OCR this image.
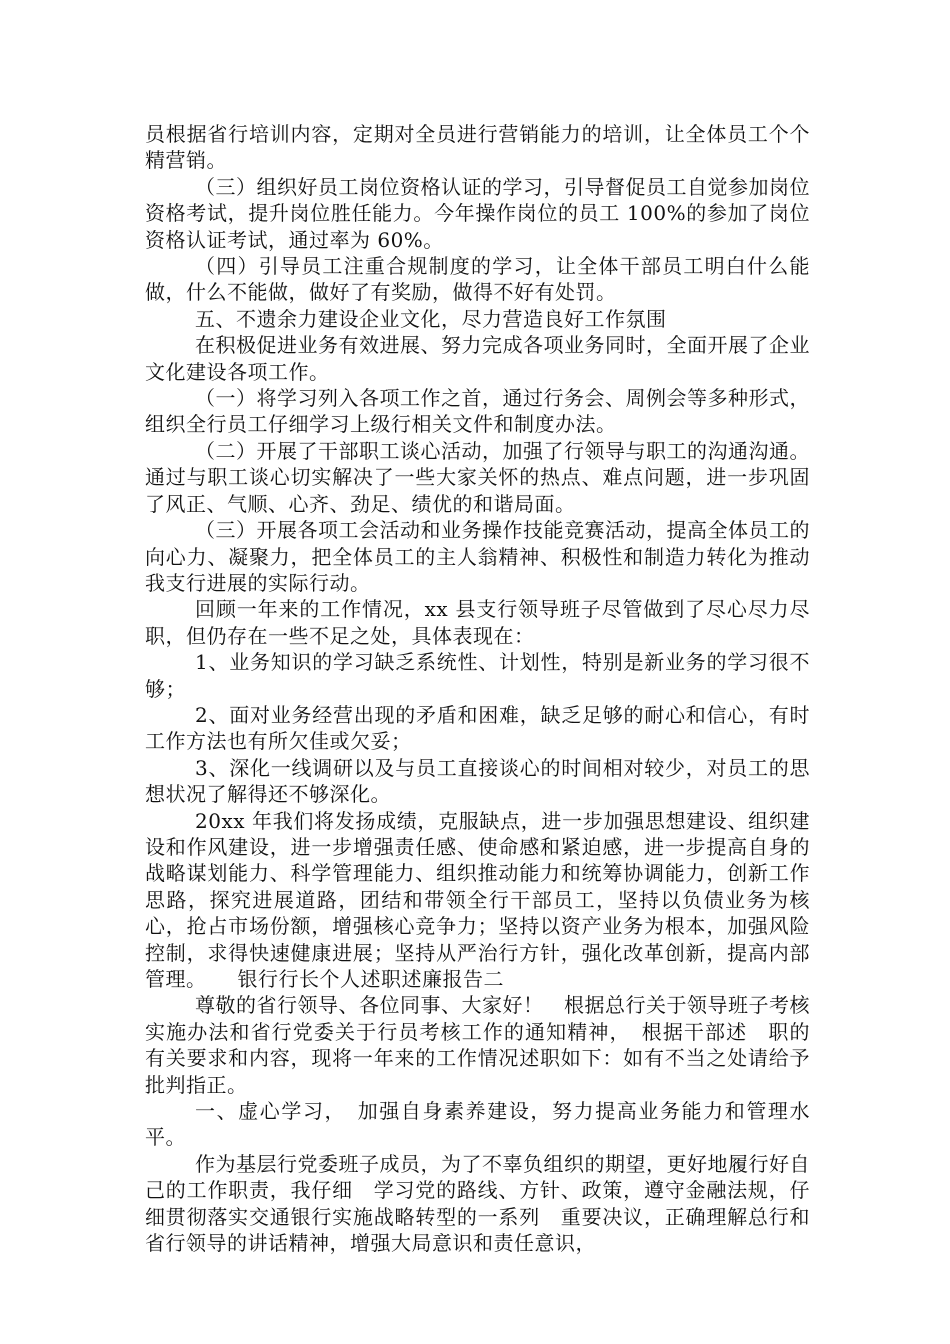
员根据省行培训内容，定期对全员进行营销能力的培训，让全体员工个个精营销。

（三）组织好员工岗位资格认证的学习，引导督促员工自觉参加岗位资格考试，提升岗位胜任能力。今年操作岗位的员工 100%的参加了岗位资格认证考试，通过率为 60%。

（四）引导员工注重合规制度的学习，让全体干部员工明白什么能做，什么不能做，做好了有奖励，做得不好有处罚。

五、不遗余力建设企业文化，尽力营造良好工作氛围

在积极促进业务有效进展、努力完成各项业务同时，全面开展了企业文化建设各项工作。

（一）将学习列入各项工作之首，通过行务会、周例会等多种形式，组织全行员工仔细学习上级行相关文件和制度办法。

（二）开展了干部职工谈心活动，加强了行领导与职工的沟通沟通。通过与职工谈心切实解决了一些大家关怀的热点、难点问题，进一步巩固了风正、气顺、心齐、劲足、绩优的和谐局面。

（三）开展各项工会活动和业务操作技能竞赛活动，提高全体员工的向心力、凝聚力，把全体员工的主人翁精神、积极性和制造力转化为推动我支行进展的实际行动。

回顾一年来的工作情况，xx 县支行领导班子尽管做到了尽心尽力尽职，但仍存在一些不足之处，具体表现在：

1、业务知识的学习缺乏系统性、计划性，特别是新业务的学习很不够；

2、面对业务经营出现的矛盾和困难，缺乏足够的耐心和信心，有时工作方法也有所欠佳或欠妥；

3、深化一线调研以及与员工直接谈心的时间相对较少，对员工的思想状况了解得还不够深化。

20xx 年我们将发扬成绩，克服缺点，进一步加强思想建设、组织建设和作风建设，进一步增强责任感、使命感和紧迫感，进一步提高自身的战略谋划能力、科学管理能力、组织推动能力和统筹协调能力，创新工作思路，探究进展道路，团结和带领全行干部员工，坚持以负债业务为核心，抢占市场份额，增强核心竞争力；坚持以资产业务为根本，加强风险控制，求得快速健康进展；坚持从严治行方针，强化改革创新，提高内部管理。　　银行行长个人述职述廉报告二

尊敬的省行领导、各位同事、大家好！　根据总行关于领导班子考核实施办法和省行党委关于行员考核工作的通知精神，　根据干部述　职的有关要求和内容，现将一年来的工作情况述职如下：如有不当之处请给予批判指正。

一、虚心学习，　加强自身素养建设，努力提高业务能力和管理水平。

作为基层行党委班子成员，为了不辜负组织的期望，更好地履行好自己的工作职责，我仔细　学习党的路线、方针、政策，遵守金融法规，仔细贯彻落实交通银行实施战略转型的一系列　重要决议，正确理解总行和省行领导的讲话精神，增强大局意识和责任意识，
